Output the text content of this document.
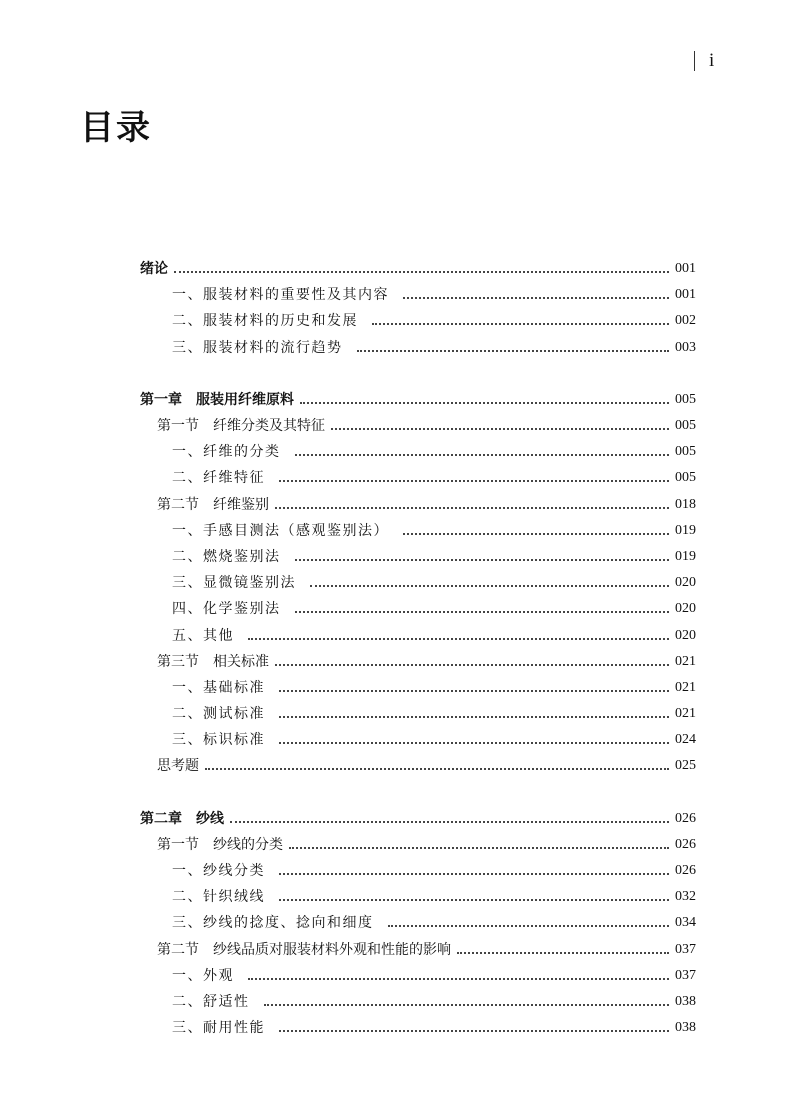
i
目录
绪论	001
一、服装材料的重要性及其内容	001
二、服装材料的历史和发展	002
三、服装材料的流行趋势	003
第一章　服装用纤维原料	005
第一节　纤维分类及其特征	005
一、纤维的分类	005
二、纤维特征	005
第二节　纤维鉴别	018
一、手感目测法（感观鉴别法）	019
二、燃烧鉴别法	019
三、显微镜鉴别法	020
四、化学鉴别法	020
五、其他	020
第三节　相关标准	021
一、基础标准	021
二、测试标准	021
三、标识标准	024
思考题	025
第二章　纱线	026
第一节　纱线的分类	026
一、纱线分类	026
二、针织绒线	032
三、纱线的捻度、捻向和细度	034
第二节　纱线品质对服装材料外观和性能的影响	037
一、外观	037
二、舒适性	038
三、耐用性能	038
